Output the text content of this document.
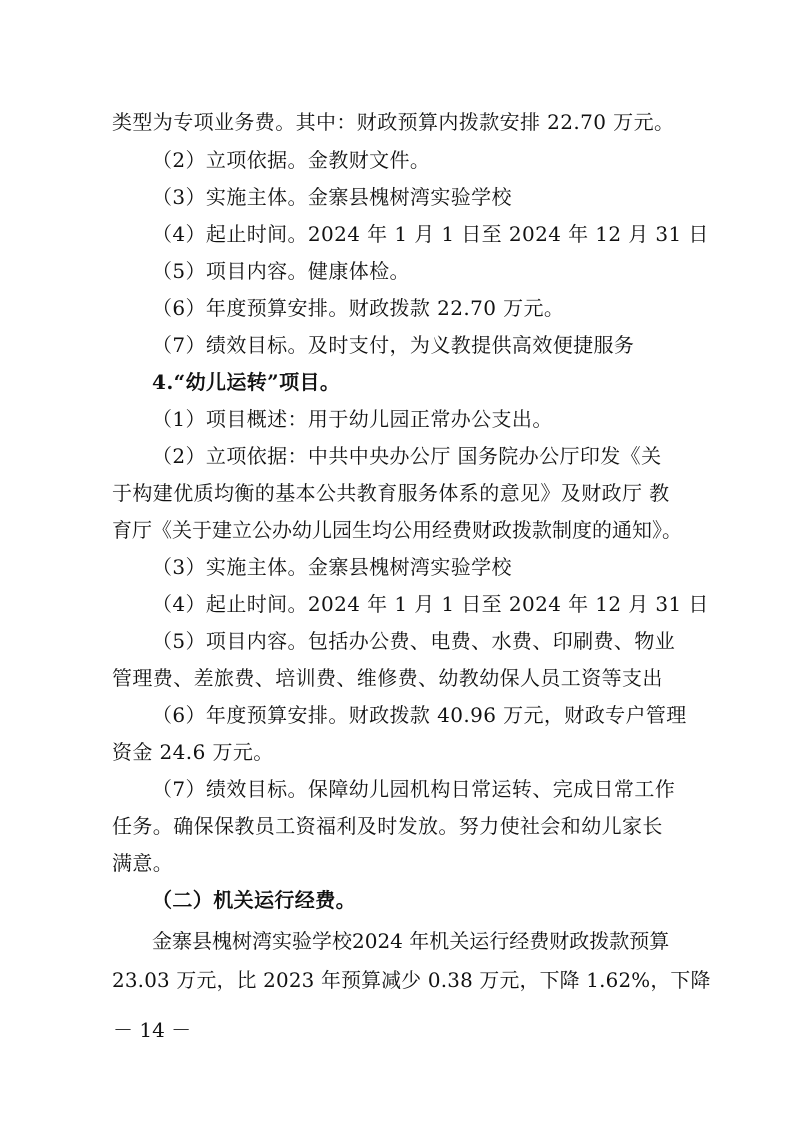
类型为专项业务费。其中：财政预算内拨款安排 22.70 万元。
（2）立项依据。金教财文件。
（3）实施主体。金寨县槐树湾实验学校
（4）起止时间。2024 年 1 月 1 日至 2024 年 12 月 31 日
（5）项目内容。健康体检。
（6）年度预算安排。财政拨款 22.70 万元。
（7）绩效目标。及时支付，为义教提供高效便捷服务
4.“幼儿运转”项目。
（1）项目概述：用于幼儿园正常办公支出。
（2）立项依据：中共中央办公厅 国务院办公厅印发《关
于构建优质均衡的基本公共教育服务体系的意见》及财政厅 教
育厅《关于建立公办幼儿园生均公用经费财政拨款制度的通知》。
（3）实施主体。金寨县槐树湾实验学校
（4）起止时间。2024 年 1 月 1 日至 2024 年 12 月 31 日
（5）项目内容。包括办公费、电费、水费、印刷费、物业
管理费、差旅费、培训费、维修费、幼教幼保人员工资等支出
（6）年度预算安排。财政拨款 40.96 万元，财政专户管理
资金 24.6 万元。
（7）绩效目标。保障幼儿园机构日常运转、完成日常工作
任务。确保保教员工资福利及时发放。努力使社会和幼儿家长
满意。
（二）机关运行经费。
金寨县槐树湾实验学校2024 年机关运行经费财政拨款预算
23.03 万元，比 2023 年预算减少 0.38 万元，下降 1.62%，下降
－ 14 －
